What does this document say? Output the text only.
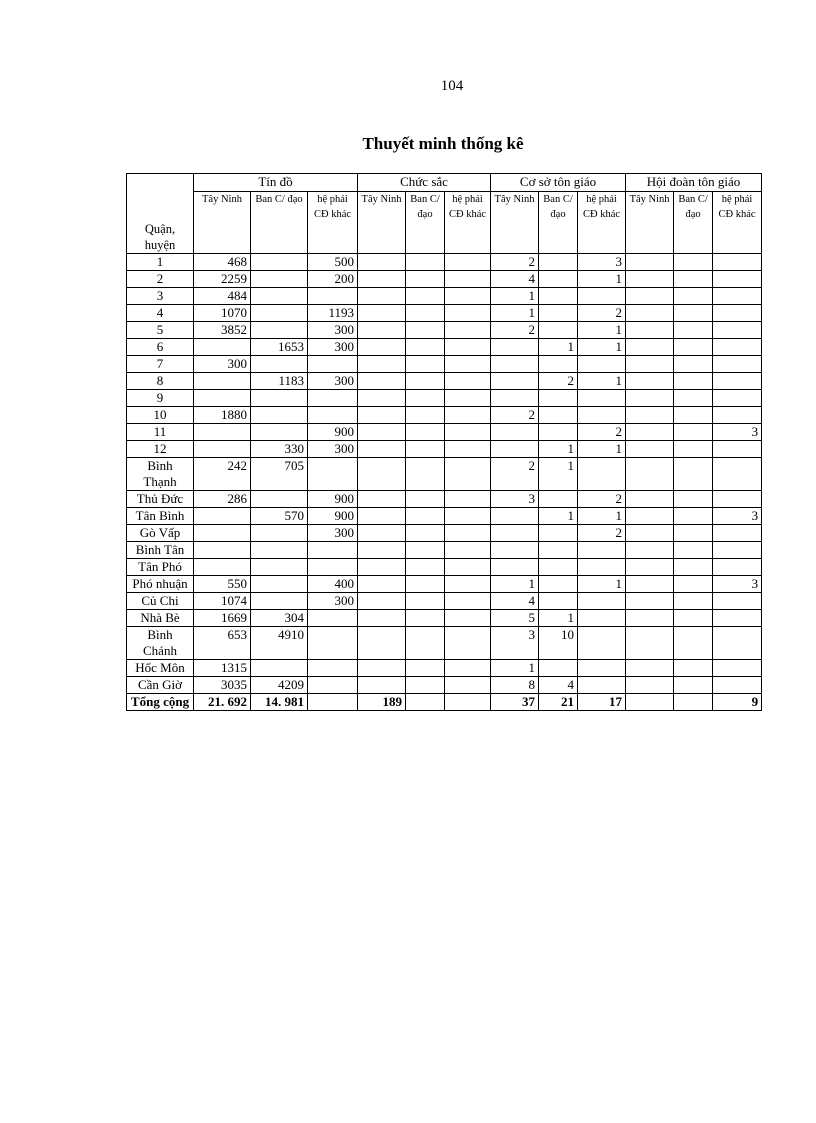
104
Thuyết minh thống kê
Quận, huyện	Tín đồ			Chức sắc			Cơ sở tôn giáo			Hội đoàn tôn giáo		
	Tây Ninh	Ban C/ đạo	hệ phái CĐ khác	Tây Ninh	Ban C/ đạo	hệ phái CĐ khác	Tây Ninh	Ban C/ đạo	hệ phái CĐ khác	Tây Ninh	Ban C/ đạo	hệ phái CĐ khác
1	468		500				2		3			
2	2259		200				4		1			
3	484						1					
4	1070		1193				1		2			
5	3852		300				2		1			
6		1653	300					1	1			
7	300											
8		1183	300					2	1			
9												
10	1880						2					
11			900						2			3
12		330	300					1	1			
Bình Thạnh	242	705					2	1				
Thủ Đức	286		900				3		2			
Tân Bình		570	900					1	1			3
Gò Vấp			300						2			
Bình Tân												
Tân Phó												
Phó nhuận	550		400				1		1			3
Củ Chi	1074		300				4					
Nhà Bè	1669	304					5	1				
Bình Chánh	653	4910					3	10				
Hốc Môn	1315						1					
Cần Giờ	3035	4209					8	4				
Tổng cộng	21. 692	14. 981		189			37	21	17			9
